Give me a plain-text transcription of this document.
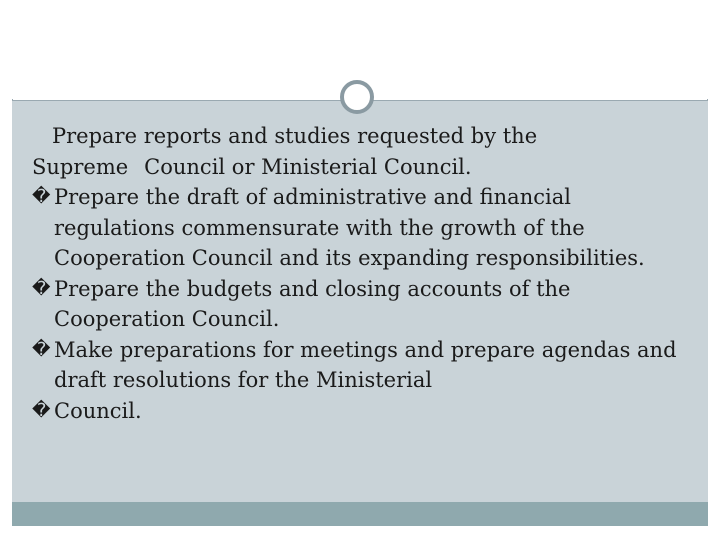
Prepare reports and studies requested by the
Supreme Council or Ministerial Council.

� Prepare the draft of administrative and financial regulations commensurate with the growth of the Cooperation Council and its expanding responsibilities.

� Prepare the budgets and closing accounts of the Cooperation Council.

� Make preparations for meetings and prepare agendas and draft resolutions for the Ministerial

� Council.
